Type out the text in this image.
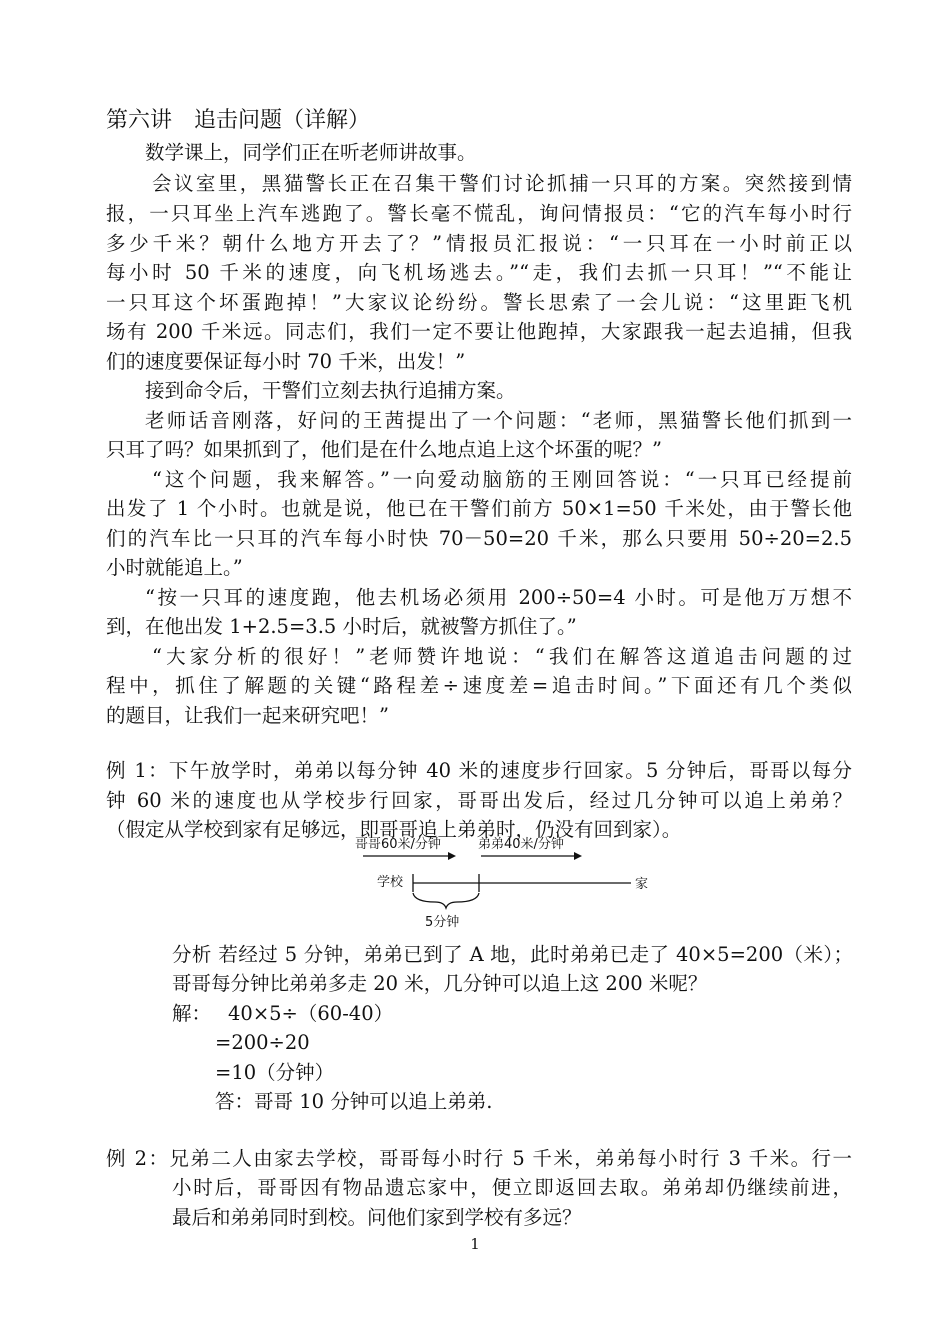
第六讲　追击问题（详解）
数学课上，同学们正在听老师讲故事。
会议室里，黑猫警长正在召集干警们讨论抓捕一只耳的方案。突然接到情
报，一只耳坐上汽车逃跑了。警长毫不慌乱，询问情报员：“它的汽车每小时行
多少千米？朝什么地方开去了？”情报员汇报说：“一只耳在一小时前正以
每小时 50 千米的速度，向飞机场逃去。”“走，我们去抓一只耳！”“不能让
一只耳这个坏蛋跑掉！”大家议论纷纷。警长思索了一会儿说：“这里距飞机
场有 200 千米远。同志们，我们一定不要让他跑掉，大家跟我一起去追捕，但我
们的速度要保证每小时 70 千米，出发！”
接到命令后，干警们立刻去执行追捕方案。
老师话音刚落，好问的王茜提出了一个问题：“老师，黑猫警长他们抓到一
只耳了吗？如果抓到了，他们是在什么地点追上这个坏蛋的呢？”
“这个问题，我来解答。”一向爱动脑筋的王刚回答说：“一只耳已经提前
出发了 1 个小时。也就是说，他已在干警们前方 50×1=50 千米处，由于警长他
们的汽车比一只耳的汽车每小时快 70－50=20 千米，那么只要用 50÷20=2.5
小时就能追上。”
“按一只耳的速度跑，他去机场必须用 200÷50=4 小时。可是他万万想不
到，在他出发 1+2.5=3.5 小时后，就被警方抓住了。”
“大家分析的很好！”老师赞许地说：“我们在解答这道追击问题的过
程中，抓住了解题的关键“路程差÷速度差=追击时间。”下面还有几个类似
的题目，让我们一起来研究吧！”
例 1：下午放学时，弟弟以每分钟 40 米的速度步行回家。5 分钟后，哥哥以每分
钟 60 米的速度也从学校步行回家，哥哥出发后，经过几分钟可以追上弟弟？
（假定从学校到家有足够远，即哥哥追上弟弟时，仍没有回到家）。
哥哥60米/分钟	弟弟40米/分钟
学校	家
5分钟
分析 若经过 5 分钟，弟弟已到了 A 地，此时弟弟已走了 40×5=200（米）；
哥哥每分钟比弟弟多走 20 米，几分钟可以追上这 200 米呢？
解： 40×5÷（60-40）
=200÷20
=10（分钟）
答：哥哥 10 分钟可以追上弟弟.
例 2：兄弟二人由家去学校，哥哥每小时行 5 千米，弟弟每小时行 3 千米。行一
小时后，哥哥因有物品遗忘家中，便立即返回去取。弟弟却仍继续前进，
最后和弟弟同时到校。问他们家到学校有多远？
1
